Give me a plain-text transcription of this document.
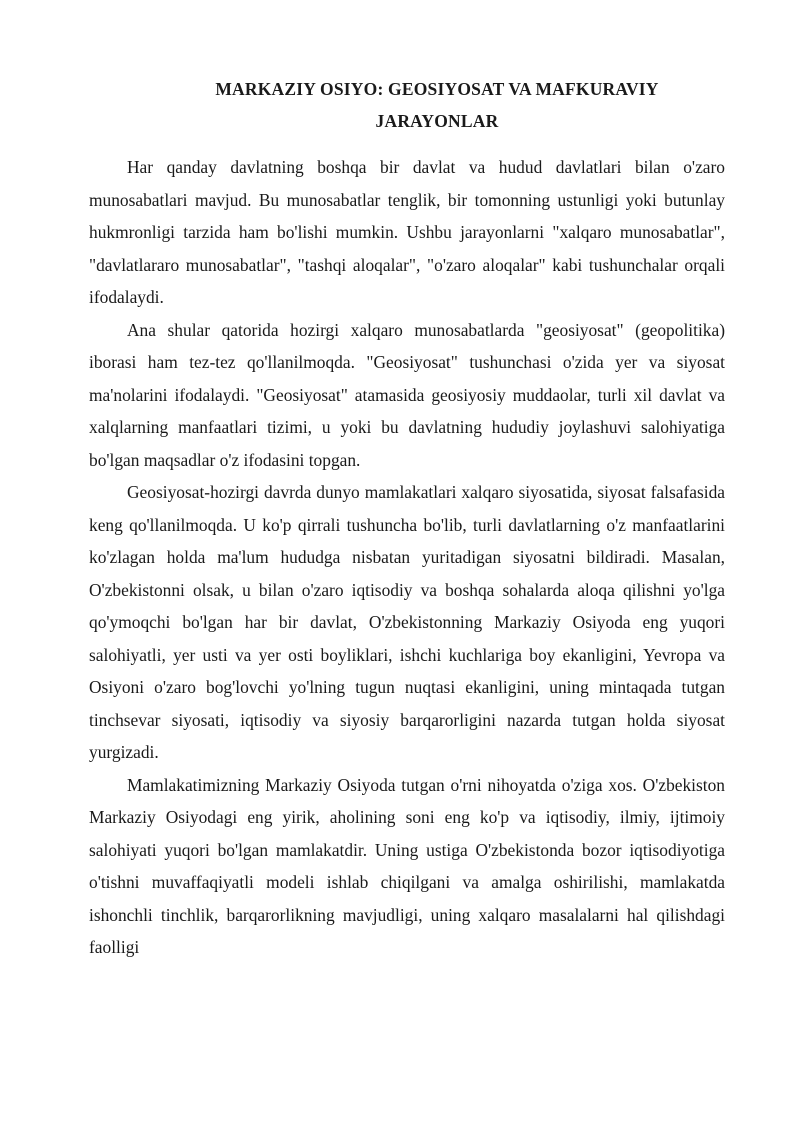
MARKAZIY OSIYO: GEOSIYOSAT VA MAFKURAVIY
JARAYONLAR

Har qanday davlatning boshqa bir davlat va hudud davlatlari bilan o'zaro munosabatlari mavjud. Bu munosabatlar tenglik, bir tomonning ustunligi yoki butunlay hukmronligi tarzida ham bo'lishi mumkin. Ushbu jarayonlarni "xalqaro munosabatlar", "davlatlararo munosabatlar", "tashqi aloqalar", "o'zaro aloqalar" kabi tushunchalar orqali ifodalaydi.

Ana shular qatorida hozirgi xalqaro munosabatlarda "geosiyosat" (geopolitika) iborasi ham tez-tez qo'llanilmoqda. "Geosiyosat" tushunchasi o'zida yer va siyosat ma'nolarini ifodalaydi. "Geosiyosat" atamasida geosiyosiy muddaolar, turli xil davlat va xalqlarning manfaatlari tizimi, u yoki bu davlatning hududiy joylashuvi salohiyatiga bo'lgan maqsadlar o'z ifodasini topgan.

Geosiyosat-hozirgi davrda dunyo mamlakatlari xalqaro siyosatida, siyosat falsafasida keng qo'llanilmoqda. U ko'p qirrali tushuncha bo'lib, turli davlatlarning o'z manfaatlarini ko'zlagan holda ma'lum hududga nisbatan yuritadigan siyosatni bildiradi. Masalan, O'zbekistonni olsak, u bilan o'zaro iqtisodiy va boshqa sohalarda aloqa qilishni yo'lga qo'ymoqchi bo'lgan har bir davlat, O'zbekistonning Markaziy Osiyoda eng yuqori salohiyatli, yer usti va yer osti boyliklari, ishchi kuchlariga boy ekanligini, Yevropa va Osiyoni o'zaro bog'lovchi yo'lning tugun nuqtasi ekanligini, uning mintaqada tutgan tinchsevar siyosati, iqtisodiy va siyosiy barqarorligini nazarda tutgan holda siyosat yurgizadi.

Mamlakatimizning Markaziy Osiyoda tutgan o'rni nihoyatda o'ziga xos. O'zbekiston Markaziy Osiyodagi eng yirik, aholining soni eng ko'p va iqtisodiy, ilmiy, ijtimoiy salohiyati yuqori bo'lgan mamlakatdir. Uning ustiga O'zbekistonda bozor iqtisodiyotiga o'tishni muvaffaqiyatli modeli ishlab chiqilgani va amalga oshirilishi, mamlakatda ishonchli tinchlik, barqarorlikning mavjudligi, uning xalqaro masalalarni hal qilishdagi faolligi
